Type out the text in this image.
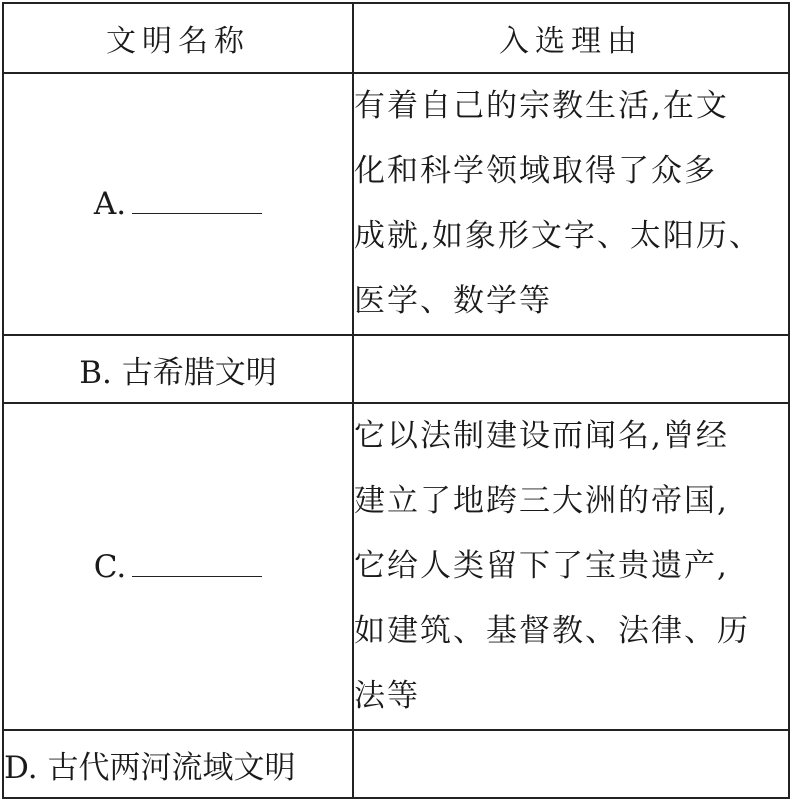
文明名称	入选理由
A.	有着自己的宗教生活,在文
化和科学领域取得了众多
成就,如象形文字、太阳历、
医学、数学等

B. 古希腊文明	
C.	它以法制建设而闻名,曾经
建立了地跨三大洲的帝国,
它给人类留下了宝贵遗产,
如建筑、基督教、法律、历
法等

D. 古代两河流域文明	
